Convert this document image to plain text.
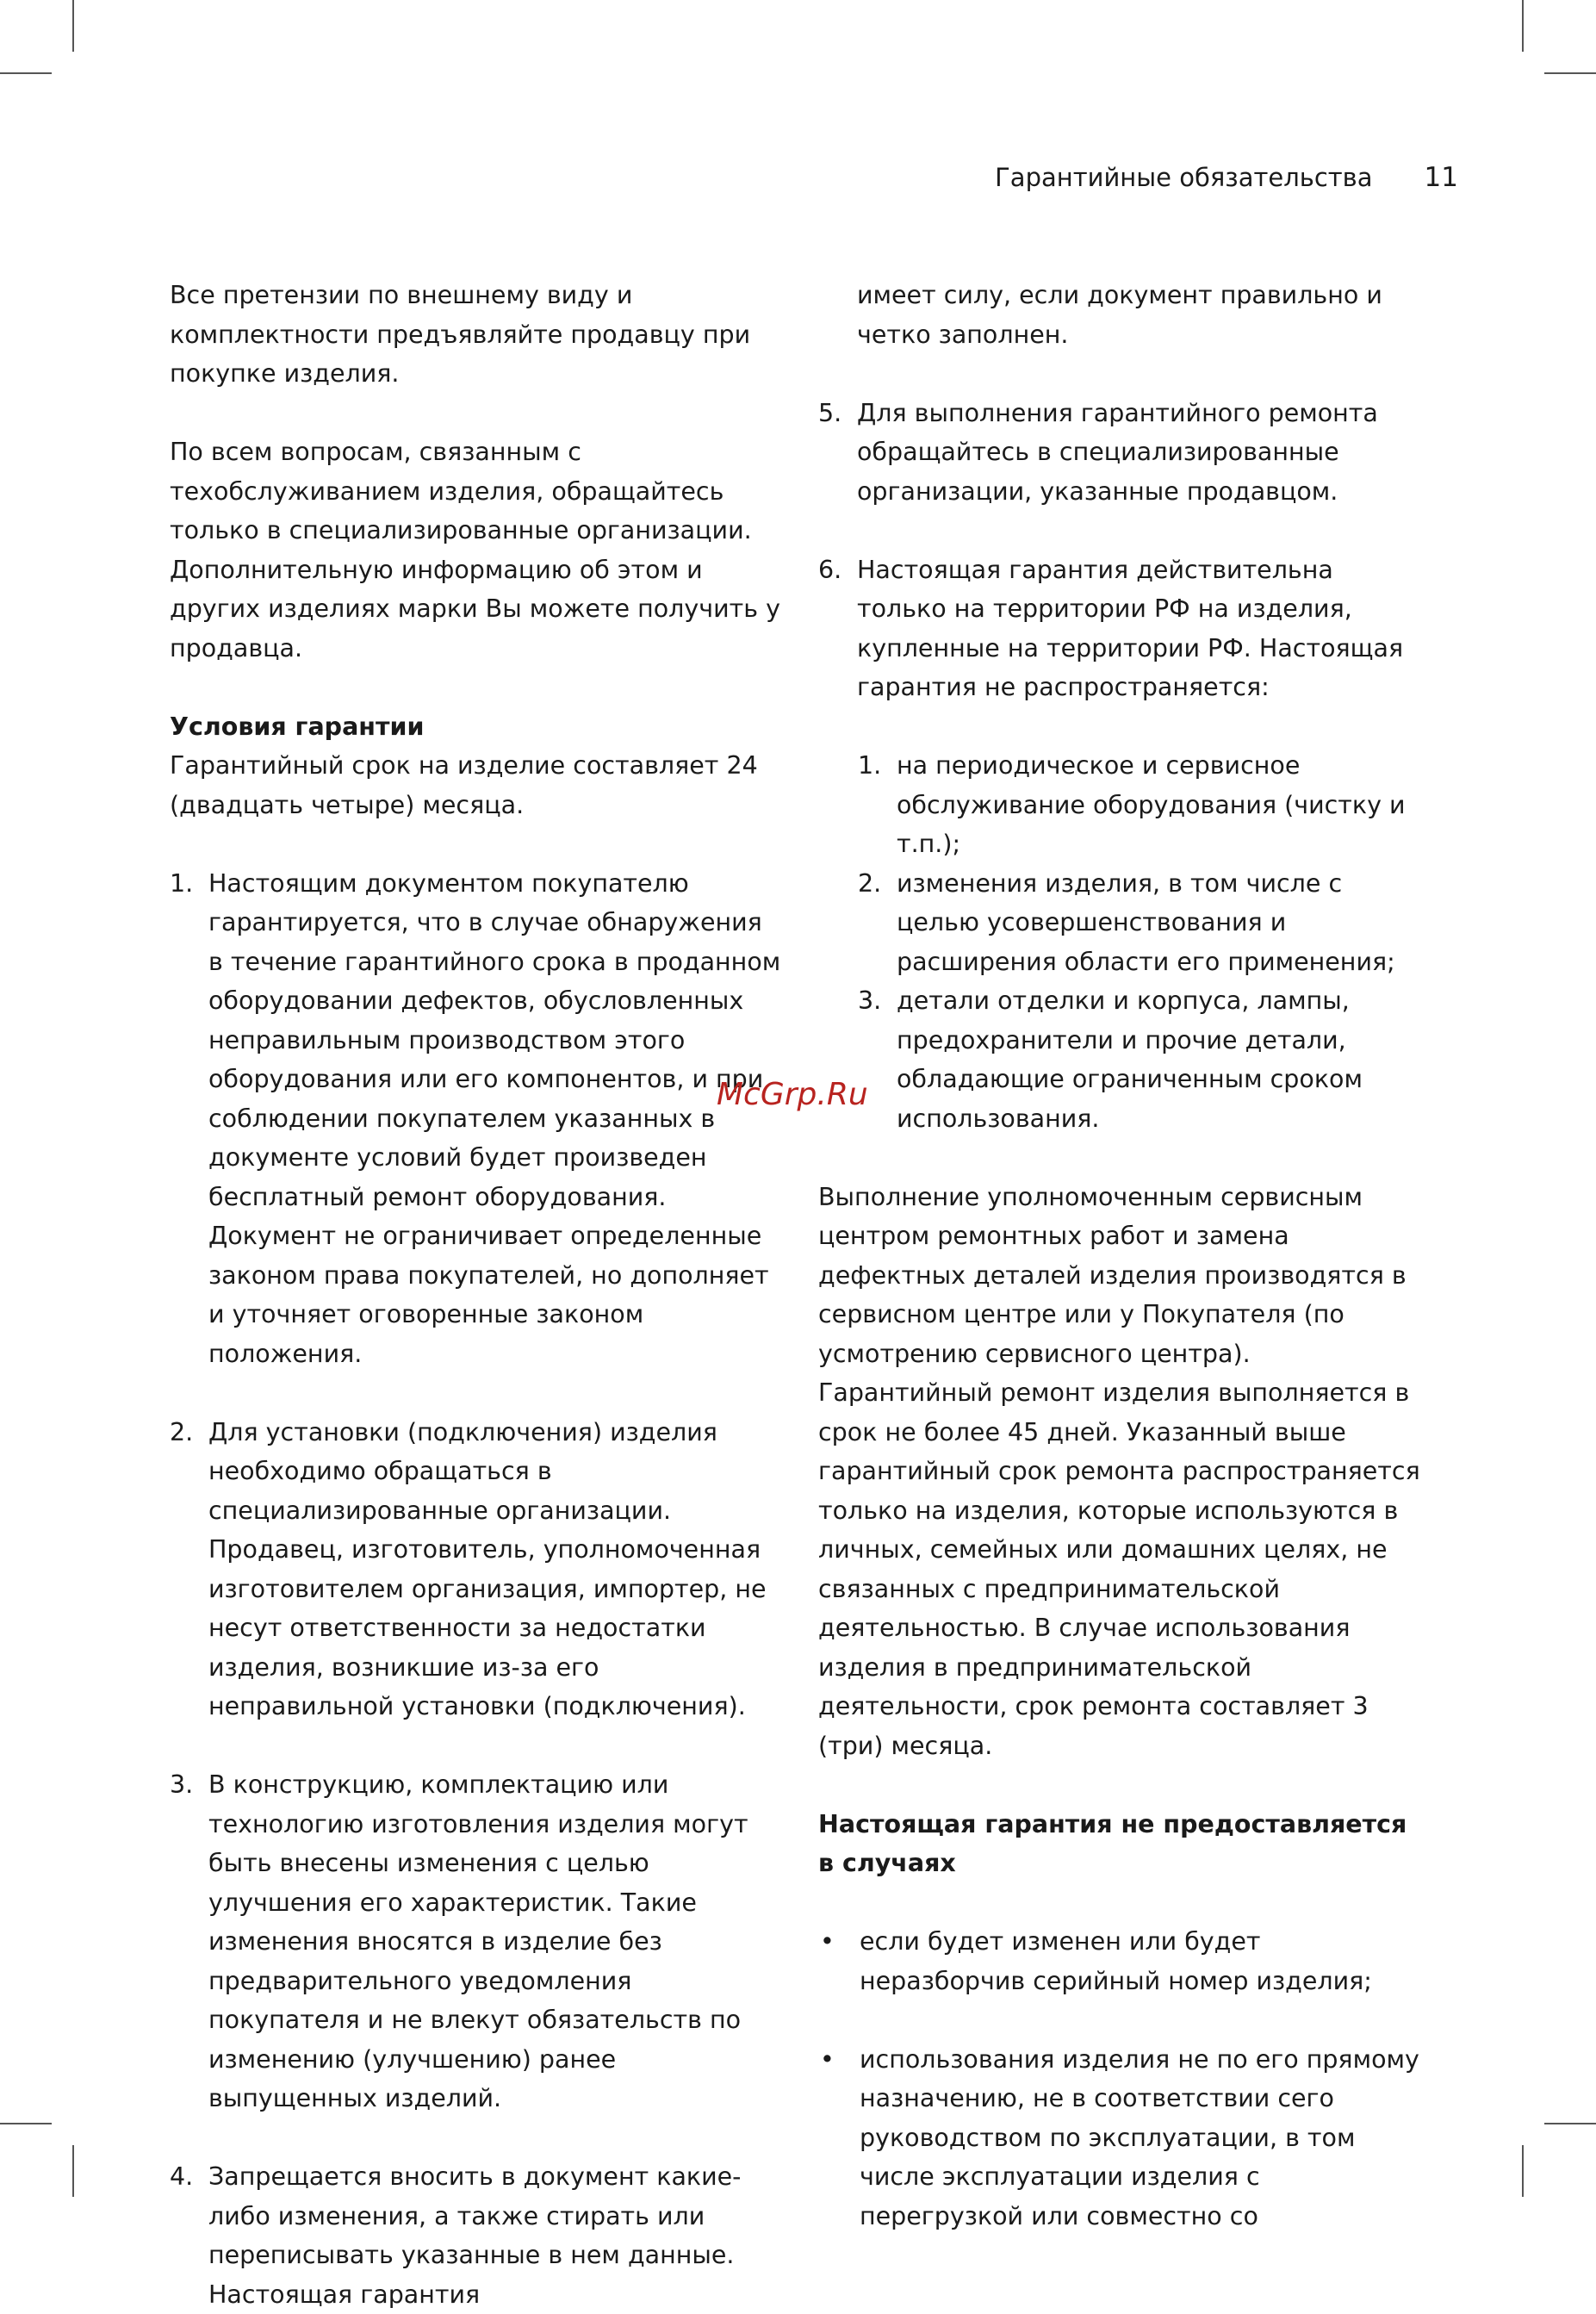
Гарантийные обязательства 11

Все претензии по внешнему виду и комплектности предъявляйте продавцу при покупке изделия.

По всем вопросам, связанным с техобслуживанием изделия, обращайтесь только в специализированные организации. Дополнительную информацию об этом и других изделиях марки Вы можете получить у продавца.

Условия гарантии

Гарантийный срок на изделие составляет 24 (двадцать четыре) месяца.

1. Настоящим документом покупателю гарантируется, что в случае обнаружения в течение гарантийного срока в проданном оборудовании дефектов, обусловленных неправильным производством этого оборудования или его компонентов, и при соблюдении покупателем указанных в документе условий будет произведен бесплатный ремонт оборудования. Документ не ограничивает определенные законом права покупателей, но дополняет и уточняет оговоренные законом положения.
2. Для установки (подключения) изделия необходимо обращаться в специализированные организации. Продавец, изготовитель, уполномоченная изготовителем организация, импортер, не несут ответственности за недостатки изделия, возникшие из-за его неправильной установки (подключения).
3. В конструкцию, комплектацию или технологию изготовления изделия могут быть внесены изменения с целью улучшения его характеристик. Такие изменения вносятся в изделие без предварительного уведомления покупателя и не влекут обязательств по изменению (улучшению) ранее выпущенных изделий.
4. Запрещается вносить в документ какие-либо изменения, а также стирать или переписывать указанные в нем данные. Настоящая гарантия
имеет силу, если документ правильно и четко заполнен.
5. Для выполнения гарантийного ремонта обращайтесь в специализированные организации, указанные продавцом.
6. Настоящая гарантия действительна только на территории РФ на изделия, купленные на территории РФ. Настоящая гарантия не распространяется:
1. на периодическое и сервисное обслуживание оборудования (чистку и т.п.);
2. изменения изделия, в том числе с целью усовершенствования и расширения области его применения;
3. детали отделки и корпуса, лампы, предохранители и прочие детали, обладающие ограниченным сроком использования.

Выполнение уполномоченным сервисным центром ремонтных работ и замена дефектных деталей изделия производятся в сервисном центре или у Покупателя (по усмотрению сервисного центра). Гарантийный ремонт изделия выполняется в срок не более 45 дней. Указанный выше гарантийный срок ремонта распространяется только на изделия, которые используются в личных, семейных или домашних целях, не связанных с предпринимательской деятельностью. В случае использования изделия в предпринимательской деятельности, срок ремонта составляет 3 (три) месяца.

Настоящая гарантия не предоставляется в случаях

•	если будет изменен или будет неразборчив серийный номер изделия;
•	использования изделия не по его прямому назначению, не в соответствии сего руководством по эксплуатации, в том числе эксплуатации изделия с перегрузкой или совместно со
McGrp.Ru
